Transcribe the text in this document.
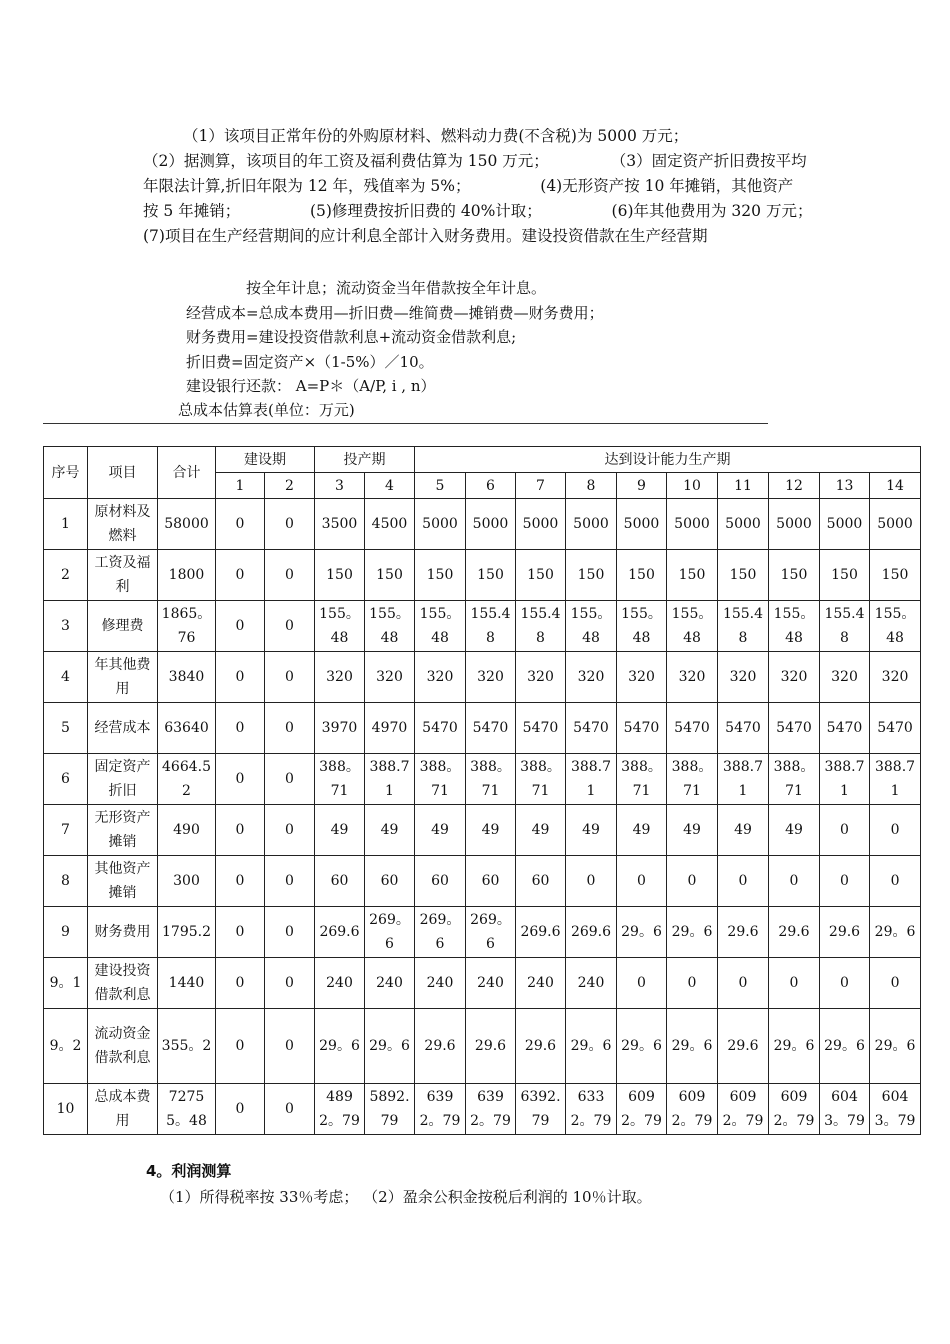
（1）该项目正常年份的外购原材料、燃料动力费(不含税)为 5000 万元；

（2）据测算，该项目的年工资及福利费估算为 150 万元；　　　　　（3）固定资产折旧费按平均年限法计算,折旧年限为 12 年，残值率为 5%；　　　　　(4)无形资产按 10 年摊销，其他资产按 5 年摊销；　　　　　(5)修理费按折旧费的 40%计取；　　　　　(6)年其他费用为 320 万元；　　　　　(7)项目在生产经营期间的应计利息全部计入财务费用。建设投资借款在生产经营期

按全年计息；流动资金当年借款按全年计息。
经营成本=总成本费用—折旧费—维简费—摊销费—财务费用；
财务费用=建设投资借款利息+流动资金借款利息;
折旧费=固定资产×（1-5%）／10。
建设银行还款： A=P＊（A/P, i , n）
总成本估算表(单位：万元)
序号	项目	合计	建设期		投产期		达到设计能力生产期									
			1	2	3	4	5	6	7	8	9	10	11	12	13	14
1	原材料及燃料	58000	0	0	3500	4500	5000	5000	5000	5000	5000	5000	5000	5000	5000	5000
2	工资及福利	1800	0	0	150	150	150	150	150	150	150	150	150	150	150	150
3	修理费	1865。76	0	0	155。48	155。48	155。48	155.48	155.48	155。48	155。48	155。48	155.48	155。48	155.48	155。48
4	年其他费用	3840	0	0	320	320	320	320	320	320	320	320	320	320	320	320
5	经营成本	63640	0	0	3970	4970	5470	5470	5470	5470	5470	5470	5470	5470	5470	5470
6	固定资产折旧	4664.52	0	0	388。71	388.71	388。71	388。71	388。71	388.71	388。71	388。71	388.71	388。71	388.71	388.71
7	无形资产摊销	490	0	0	49	49	49	49	49	49	49	49	49	49	0	0
8	其他资产摊销	300	0	0	60	60	60	60	60	0	0	0	0	0	0	0
9	财务费用	1795.2	0	0	269.6	269。6	269。6	269。6	269.6	269.6	29。6	29。6	29.6	29.6	29.6	29。6
9。1	建设投资借款利息	1440	0	0	240	240	240	240	240	240	0	0	0	0	0	0
9。2	流动资金借款利息	355。2	0	0	29。6	29。6	29.6	29.6	29.6	29。6	29。6	29。6	29.6	29。6	29。6	29。6
10	总成本费用	72755。48	0	0	4892。79	5892.79	6392。79	6392。79	6392.79	6332。79	6092。79	6092。79	6092。79	6092。79	6043。79	6043。79
4。利润测算
（1）所得税率按 33％考虑； （2）盈余公积金按税后利润的 10％计取。
